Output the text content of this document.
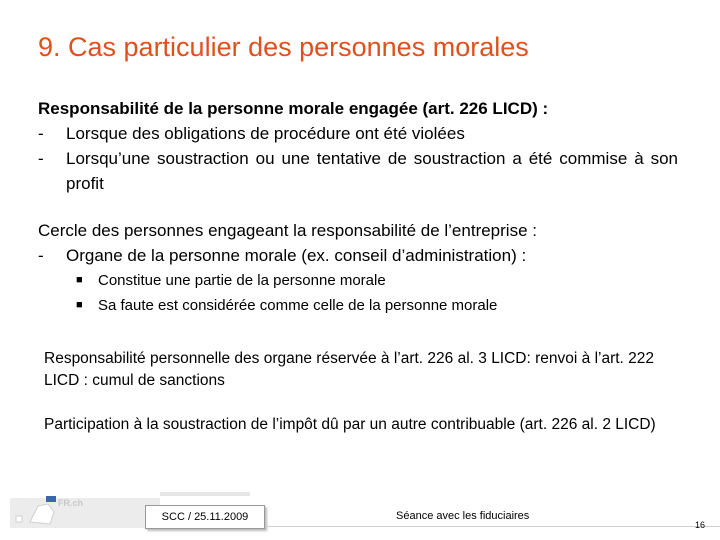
9. Cas particulier des personnes morales
Responsabilité de la personne morale engagée (art. 226 LICD) :
- Lorsque des obligations de procédure ont été violées
- Lorsqu’une soustraction ou une tentative de soustraction a été commise à son profit
Cercle des personnes engageant la responsabilité de l’entreprise :
- Organe de la personne morale (ex. conseil d’administration) :
■ Constitue une partie de la personne morale
■ Sa faute est considérée comme celle de la personne morale
Responsabilité personnelle des organe réservée à l’art. 226 al. 3 LICD: renvoi à l’art. 222 LICD : cumul de sanctions
Participation à la soustraction de l’impôt dû par un autre contribuable (art. 226 al. 2 LICD)
FR.ch
SCC / 25.11.2009	Séance avec les fiduciaires
16
